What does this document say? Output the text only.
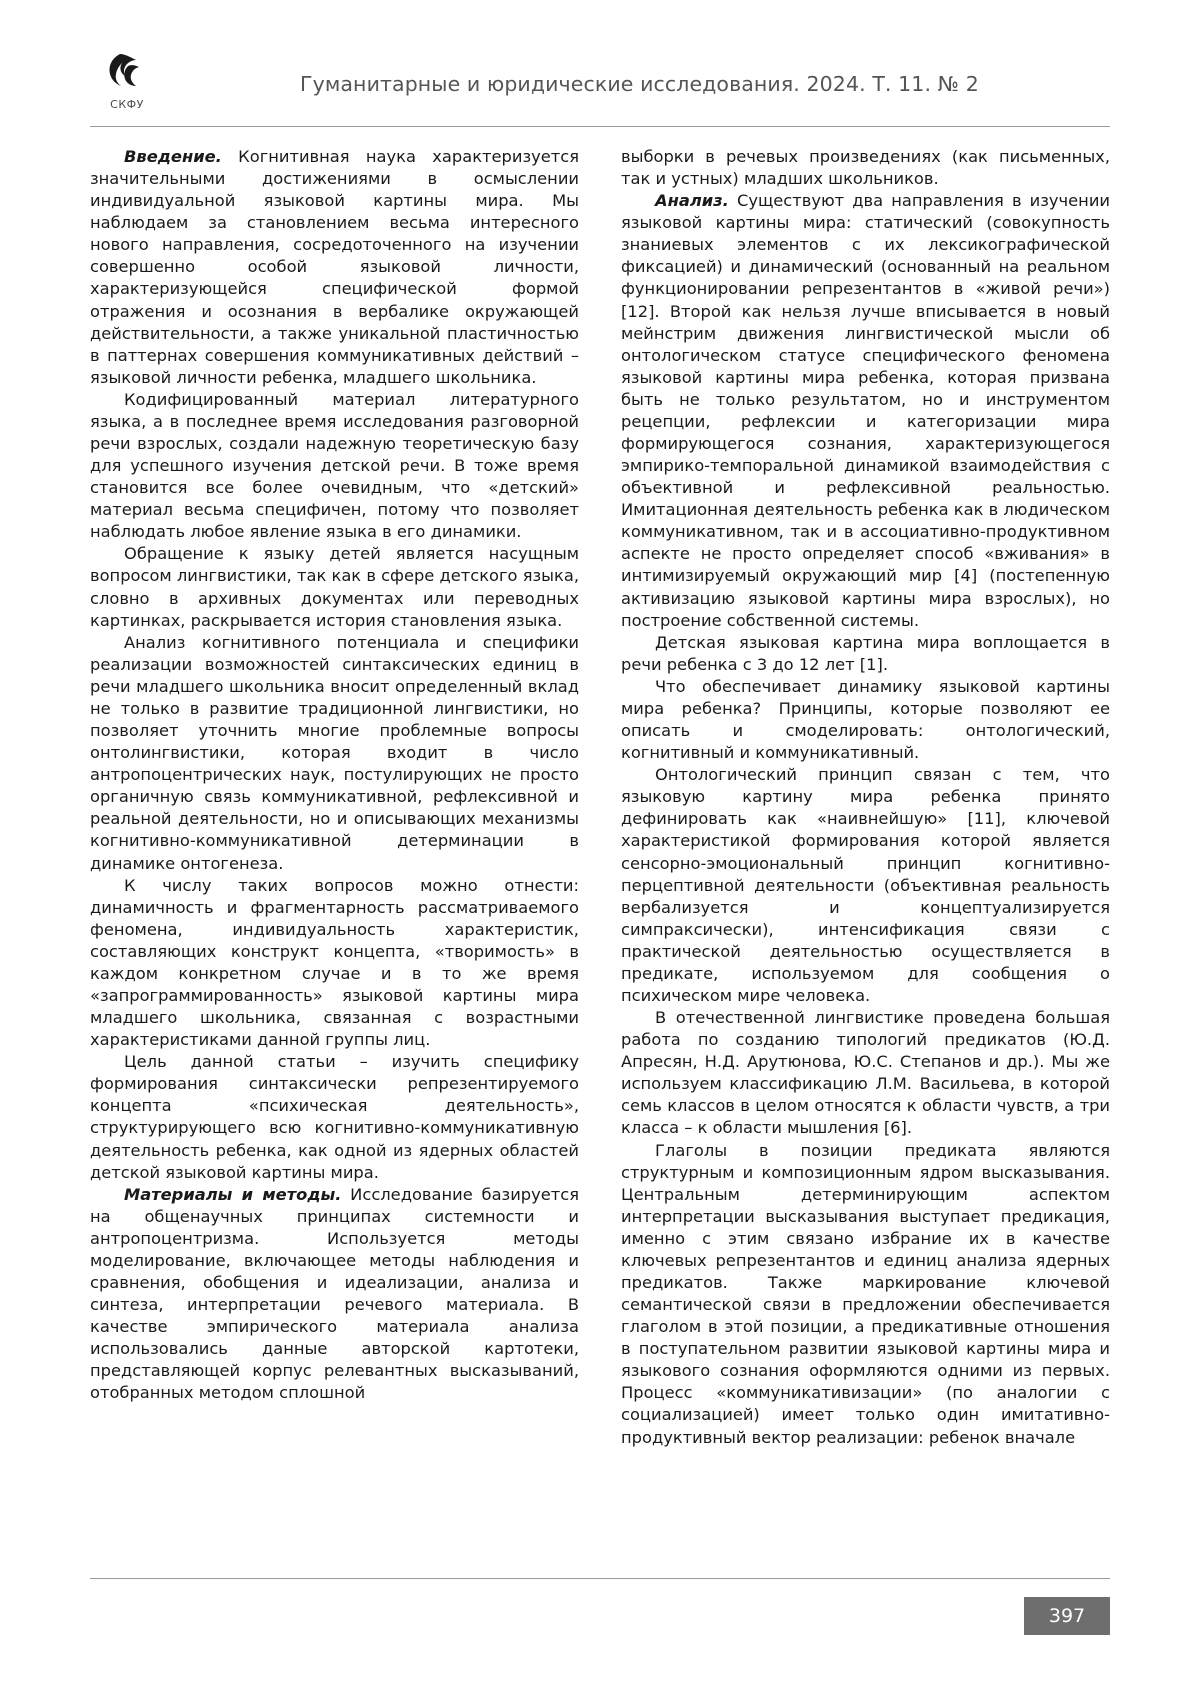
СКФУ
Гуманитарные и юридические исследования. 2024. Т. 11. № 2

Введение. Когнитивная наука характеризуется значительными достижениями в осмыслении индивидуальной языковой картины мира. Мы наблюдаем за становлением весьма интересного нового направления, сосредоточенного на изучении совершенно особой языковой личности, характеризующейся специфической формой отражения и осознания в вербалике окружающей действительности, а также уникальной пластичностью в паттернах совершения коммуникативных действий – языковой личности ребенка, младшего школьника.

Кодифицированный материал литературного языка, а в последнее время исследования разговорной речи взрослых, создали надежную теоретическую базу для успешного изучения детской речи. В тоже время становится все более очевидным, что «детский» материал весьма специфичен, потому что позволяет наблюдать любое явление языка в его динамики.

Обращение к языку детей является насущным вопросом лингвистики, так как в сфере детского языка, словно в архивных документах или переводных картинках, раскрывается история становления языка.

Анализ когнитивного потенциала и специфики реализации возможностей синтаксических единиц в речи младшего школьника вносит определенный вклад не только в развитие традиционной лингвистики, но позволяет уточнить многие проблемные вопросы онтолингвистики, которая входит в число антропоцентрических наук, постулирующих не просто органичную связь коммуникативной, рефлексивной и реальной деятельности, но и описывающих механизмы когнитивно-коммуникативной детерминации в динамике онтогенеза.

К числу таких вопросов можно отнести: динамичность и фрагментарность рассматриваемого феномена, индивидуальность характеристик, составляющих конструкт концепта, «творимость» в каждом конкретном случае и в то же время «запрограммированность» языковой картины мира младшего школьника, связанная с возрастными характеристиками данной группы лиц.

Цель данной статьи – изучить специфику формирования синтаксически репрезентируемого концепта «психическая деятельность», структурирующего всю когнитивно-коммуникативную деятельность ребенка, как одной из ядерных областей детской языковой картины мира.

Материалы и методы. Исследование базируется на общенаучных принципах системности и антропоцентризма. Используется методы моделирование, включающее методы наблюдения и сравнения, обобщения и идеализации, анализа и синтеза, интерпретации речевого материала. В качестве эмпирического материала анализа использовались данные авторской картотеки, представляющей корпус релевантных высказываний, отобранных методом сплошной

выборки в речевых произведениях (как письменных, так и устных) младших школьников.

Анализ. Существуют два направления в изучении языковой картины мира: статический (совокупность знаниевых элементов с их лексикографической фиксацией) и динамический (основанный на реальном функционировании репрезентантов в «живой речи») [12]. Второй как нельзя лучше вписывается в новый мейнстрим движения лингвистической мысли об онтологическом статусе специфического феномена языковой картины мира ребенка, которая призвана быть не только результатом, но и инструментом рецепции, рефлексии и категоризации мира формирующегося сознания, характеризующегося эмпирико-темпоральной динамикой взаимодействия с объективной и рефлексивной реальностью. Имитационная деятельность ребенка как в людическом коммуникативном, так и в ассоциативно-продуктивном аспекте не просто определяет способ «вживания» в интимизируемый окружающий мир [4] (постепенную активизацию языковой картины мира взрослых), но построение собственной системы.

Детская языковая картина мира воплощается в речи ребенка с 3 до 12 лет [1].

Что обеспечивает динамику языковой картины мира ребенка? Принципы, которые позволяют ее описать и смоделировать: онтологический, когнитивный и коммуникативный.

Онтологический принцип связан с тем, что языковую картину мира ребенка принято дефинировать как «наивнейшую» [11], ключевой характеристикой формирования которой является сенсорно-эмоциональный принцип когнитивно-перцептивной деятельности (объективная реальность вербализуется и концептуализируется симпраксически), интенсификация связи с практической деятельностью осуществляется в предикате, используемом для сообщения о психическом мире человека.

В отечественной лингвистике проведена большая работа по созданию типологий предикатов (Ю.Д. Апресян, Н.Д. Арутюнова, Ю.С. Степанов и др.). Мы же используем классификацию Л.М. Васильева, в которой семь классов в целом относятся к области чувств, а три класса – к области мышления [6].

Глаголы в позиции предиката являются структурным и композиционным ядром высказывания. Центральным детерминирующим аспектом интерпретации высказывания выступает предикация, именно с этим связано избрание их в качестве ключевых репрезентантов и единиц анализа ядерных предикатов. Также маркирование ключевой семантической связи в предложении обеспечивается глаголом в этой позиции, а предикативные отношения в поступательном развитии языковой картины мира и языкового сознания оформляются одними из первых. Процесс «коммуникативизации» (по аналогии с социализацией) имеет только один имитативно-продуктивный вектор реализации: ребенок вначале

397
